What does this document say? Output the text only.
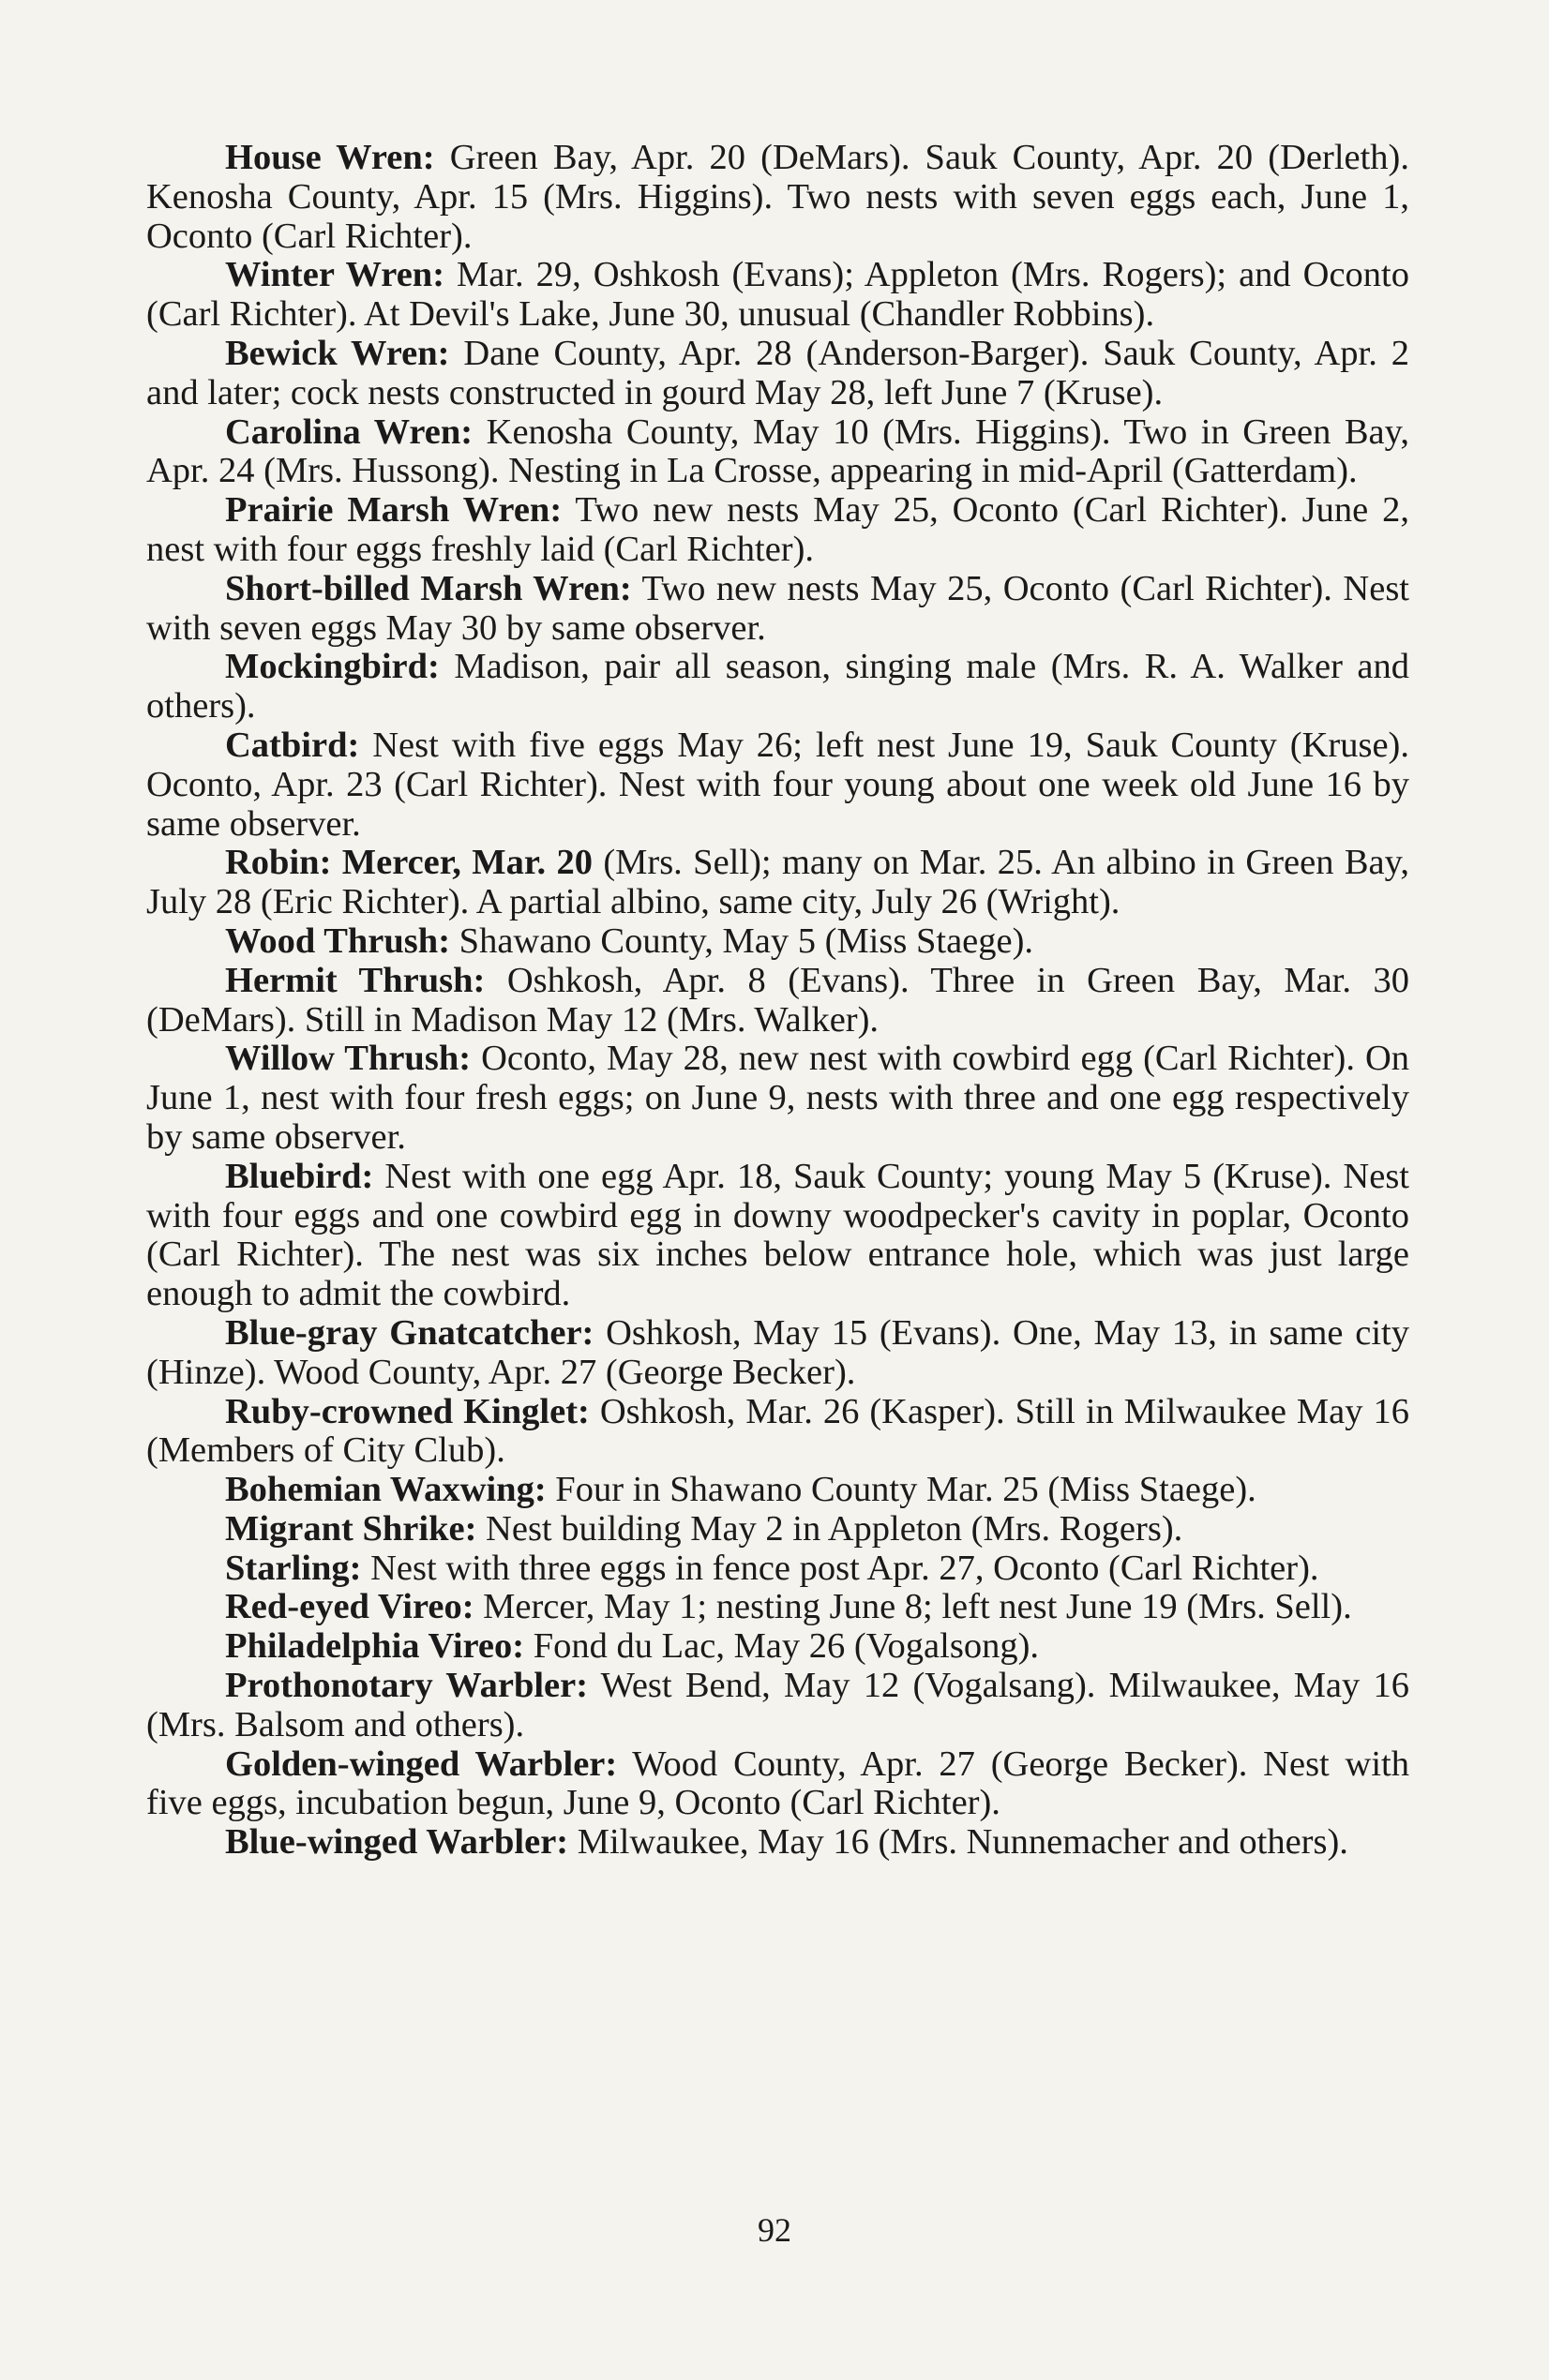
House Wren: Green Bay, Apr. 20 (DeMars). Sauk County, Apr. 20 (Derleth). Kenosha County, Apr. 15 (Mrs. Higgins). Two nests with seven eggs each, June 1, Oconto (Carl Richter).

Winter Wren: Mar. 29, Oshkosh (Evans); Appleton (Mrs. Rogers); and Oconto (Carl Richter). At Devil's Lake, June 30, unusual (Chandler Robbins).

Bewick Wren: Dane County, Apr. 28 (Anderson-Barger). Sauk County, Apr. 2 and later; cock nests constructed in gourd May 28, left June 7 (Kruse).

Carolina Wren: Kenosha County, May 10 (Mrs. Higgins). Two in Green Bay, Apr. 24 (Mrs. Hussong). Nesting in La Crosse, appearing in mid-April (Gatterdam).

Prairie Marsh Wren: Two new nests May 25, Oconto (Carl Richter). June 2, nest with four eggs freshly laid (Carl Richter).

Short-billed Marsh Wren: Two new nests May 25, Oconto (Carl Richter). Nest with seven eggs May 30 by same observer.

Mockingbird: Madison, pair all season, singing male (Mrs. R. A. Walker and others).

Catbird: Nest with five eggs May 26; left nest June 19, Sauk County (Kruse). Oconto, Apr. 23 (Carl Richter). Nest with four young about one week old June 16 by same observer.

Robin: Mercer, Mar. 20 (Mrs. Sell); many on Mar. 25. An albino in Green Bay, July 28 (Eric Richter). A partial albino, same city, July 26 (Wright).

Wood Thrush: Shawano County, May 5 (Miss Staege).

Hermit Thrush: Oshkosh, Apr. 8 (Evans). Three in Green Bay, Mar. 30 (DeMars). Still in Madison May 12 (Mrs. Walker).

Willow Thrush: Oconto, May 28, new nest with cowbird egg (Carl Richter). On June 1, nest with four fresh eggs; on June 9, nests with three and one egg respectively by same observer.

Bluebird: Nest with one egg Apr. 18, Sauk County; young May 5 (Kruse). Nest with four eggs and one cowbird egg in downy woodpecker's cavity in poplar, Oconto (Carl Richter). The nest was six inches below entrance hole, which was just large enough to admit the cowbird.

Blue-gray Gnatcatcher: Oshkosh, May 15 (Evans). One, May 13, in same city (Hinze). Wood County, Apr. 27 (George Becker).

Ruby-crowned Kinglet: Oshkosh, Mar. 26 (Kasper). Still in Milwaukee May 16 (Members of City Club).

Bohemian Waxwing: Four in Shawano County Mar. 25 (Miss Staege).

Migrant Shrike: Nest building May 2 in Appleton (Mrs. Rogers).

Starling: Nest with three eggs in fence post Apr. 27, Oconto (Carl Richter).

Red-eyed Vireo: Mercer, May 1; nesting June 8; left nest June 19 (Mrs. Sell).

Philadelphia Vireo: Fond du Lac, May 26 (Vogalsong).

Prothonotary Warbler: West Bend, May 12 (Vogalsang). Milwaukee, May 16 (Mrs. Balsom and others).

Golden-winged Warbler: Wood County, Apr. 27 (George Becker). Nest with five eggs, incubation begun, June 9, Oconto (Carl Richter).

Blue-winged Warbler: Milwaukee, May 16 (Mrs. Nunnemacher and others).

92
